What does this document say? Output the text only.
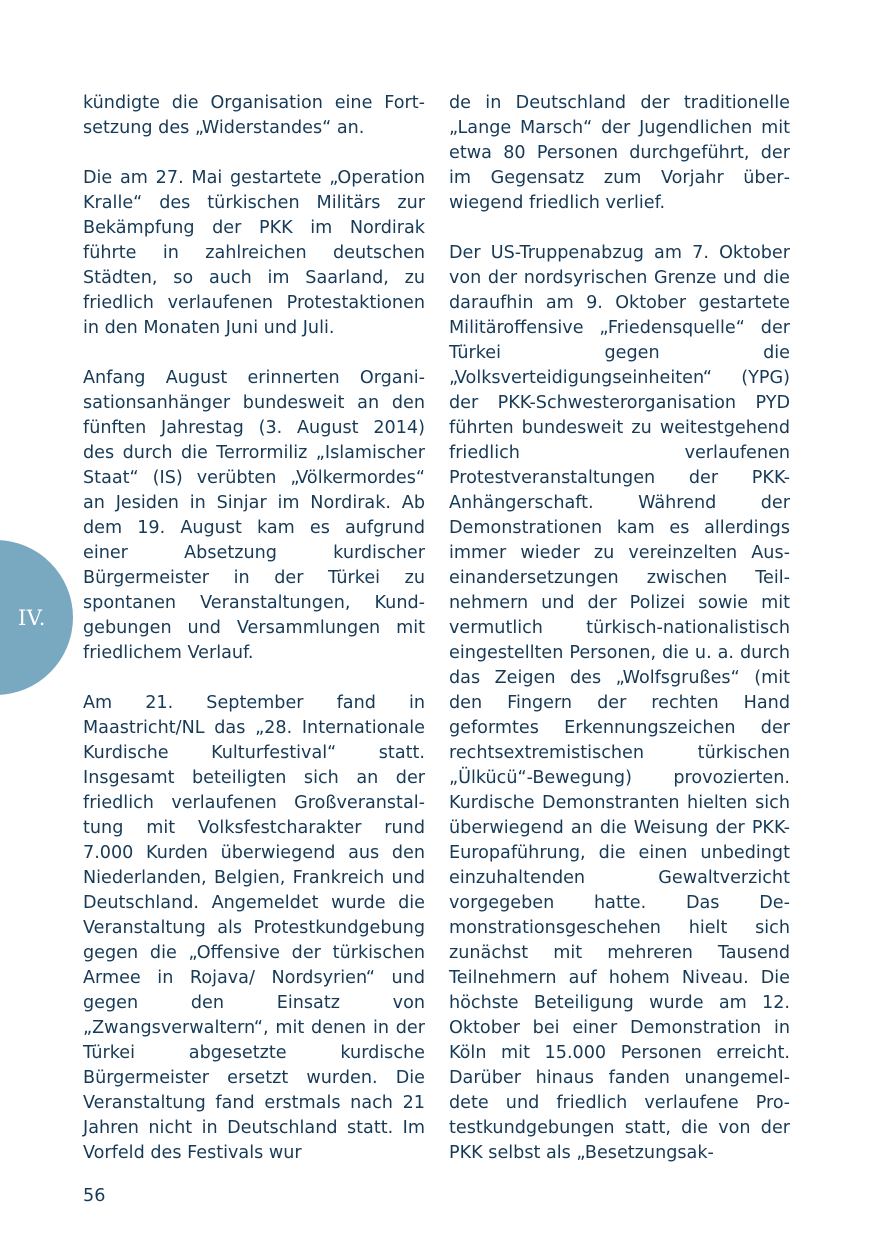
IV.

kündigte die Organisation eine Fortsetzung des „Widerstandes“ an.

Die am 27. Mai gestartete „Operation Kralle“ des türkischen Militärs zur Bekämpfung der PKK im Nordirak führte in zahlreichen deutschen Städten, so auch im Saarland, zu friedlich verlaufenen Protestaktionen in den Monaten Juni und Juli.

Anfang August erinnerten Organisationsanhänger bundesweit an den fünften Jahrestag (3. August 2014) des durch die Terrormiliz „Islamischer Staat“ (IS) verübten „Völkermordes“ an Jesiden in Sinjar im Nordirak. Ab dem 19. August kam es aufgrund einer Absetzung kurdischer Bürgermeister in der Türkei zu spontanen Veranstaltungen, Kundgebungen und Versammlungen mit friedlichem Verlauf.

Am 21. September fand in Maastricht/NL das „28. Internationale Kurdische Kulturfestival“ statt. Insgesamt beteiligten sich an der friedlich verlaufenen Großveranstaltung mit Volksfestcharakter rund 7.000 Kurden überwiegend aus den Niederlanden, Belgien, Frankreich und Deutschland. Angemeldet wurde die Veranstaltung als Protestkundgebung gegen die „Offensive der türkischen Armee in Rojava/ Nordsyrien“ und gegen den Einsatz von „Zwangsverwaltern“, mit denen in der Türkei abgesetzte kurdische Bürgermeister ersetzt wurden. Die Veranstaltung fand erstmals nach 21 Jahren nicht in Deutschland statt. Im Vorfeld des Festivals wur

de in Deutschland der traditionelle „Lange Marsch“ der Jugendlichen mit etwa 80 Personen durchgeführt, der im Gegensatz zum Vorjahr überwiegend friedlich verlief.

Der US-Truppenabzug am 7. Oktober von der nordsyrischen Grenze und die daraufhin am 9. Oktober gestartete Militäroffensive „Friedensquelle“ der Türkei gegen die „Volksverteidigungseinheiten“ (YPG) der PKK-Schwesterorganisation PYD führten bundesweit zu weitestgehend friedlich verlaufenen Protestveranstaltungen der PKK-Anhängerschaft. Während der Demonstrationen kam es allerdings immer wieder zu vereinzelten Auseinandersetzungen zwischen Teilnehmern und der Polizei sowie mit vermutlich türkisch-nationalistisch eingestellten Personen, die u. a. durch das Zeigen des „Wolfsgrußes“ (mit den Fingern der rechten Hand geformtes Erkennungszeichen der rechtsextremistischen türkischen „Ülkücü“-Bewegung) provozierten. Kurdische Demonstranten hielten sich überwiegend an die Weisung der PKK-Europaführung, die einen unbedingt einzuhaltenden Gewaltverzicht vorgegeben hatte. Das Demonstrationsgeschehen hielt sich zunächst mit mehreren Tausend Teilnehmern auf hohem Niveau. Die höchste Beteiligung wurde am 12. Oktober bei einer Demonstration in Köln mit 15.000 Personen erreicht. Darüber hinaus fanden unangemeldete und friedlich verlaufene Protestkundgebungen statt, die von der PKK selbst als „Besetzungsak-

56
